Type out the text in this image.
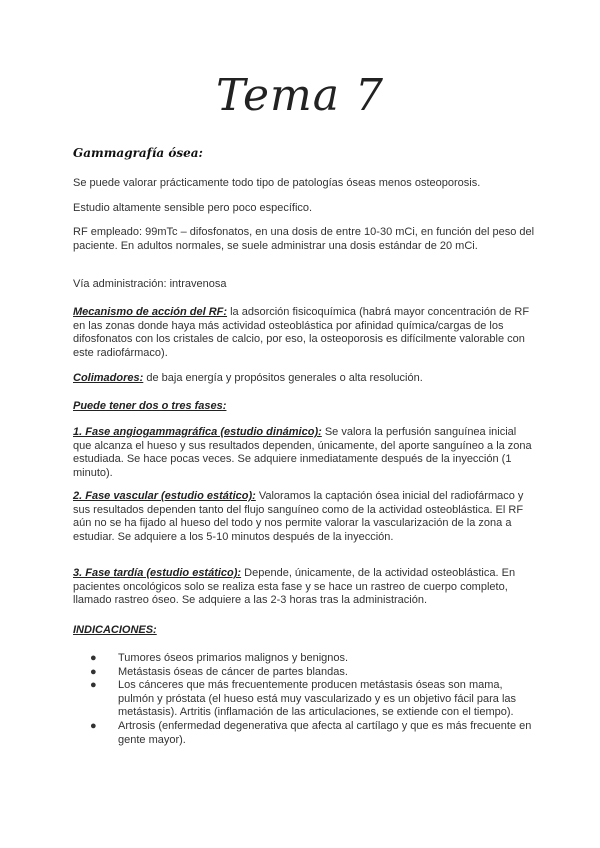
Tema 7
Gammagrafía ósea:
Se puede valorar prácticamente todo tipo de patologías óseas menos osteoporosis.
Estudio altamente sensible pero poco específico.
RF empleado: 99mTc – difosfonatos, en una dosis de entre 10-30 mCi, en función del peso del paciente. En adultos normales, se suele administrar una dosis estándar de 20 mCi.
Vía administración: intravenosa
Mecanismo de acción del RF: la adsorción fisicoquímica (habrá mayor concentración de RF en las zonas donde haya más actividad osteoblástica por afinidad química/cargas de los difosfonatos con los cristales de calcio, por eso, la osteoporosis es difícilmente valorable con este radiofármaco).
Colimadores: de baja energía y propósitos generales o alta resolución.
Puede tener dos o tres fases:
1. Fase angiogammagráfica (estudio dinámico): Se valora la perfusión sanguínea inicial que alcanza el hueso y sus resultados dependen, únicamente, del aporte sanguíneo a la zona estudiada. Se hace pocas veces. Se adquiere inmediatamente después de la inyección (1 minuto).
2. Fase vascular (estudio estático): Valoramos la captación ósea inicial del radiofármaco y sus resultados dependen tanto del flujo sanguíneo como de la actividad osteoblástica. El RF aún no se ha fijado al hueso del todo y nos permite valorar la vascularización de la zona a estudiar. Se adquiere a los 5-10 minutos después de la inyección.
3. Fase tardía (estudio estático): Depende, únicamente, de la actividad osteoblástica. En pacientes oncológicos solo se realiza esta fase y se hace un rastreo de cuerpo completo, llamado rastreo óseo. Se adquiere a las 2-3 horas tras la administración.
INDICACIONES:
● Tumores óseos primarios malignos y benignos.
● Metástasis óseas de cáncer de partes blandas.
● Los cánceres que más frecuentemente producen metástasis óseas son mama, pulmón y próstata (el hueso está muy vascularizado y es un objetivo fácil para las metástasis). Artritis (inflamación de las articulaciones, se extiende con el tiempo).
● Artrosis (enfermedad degenerativa que afecta al cartílago y que es más frecuente en gente mayor).
